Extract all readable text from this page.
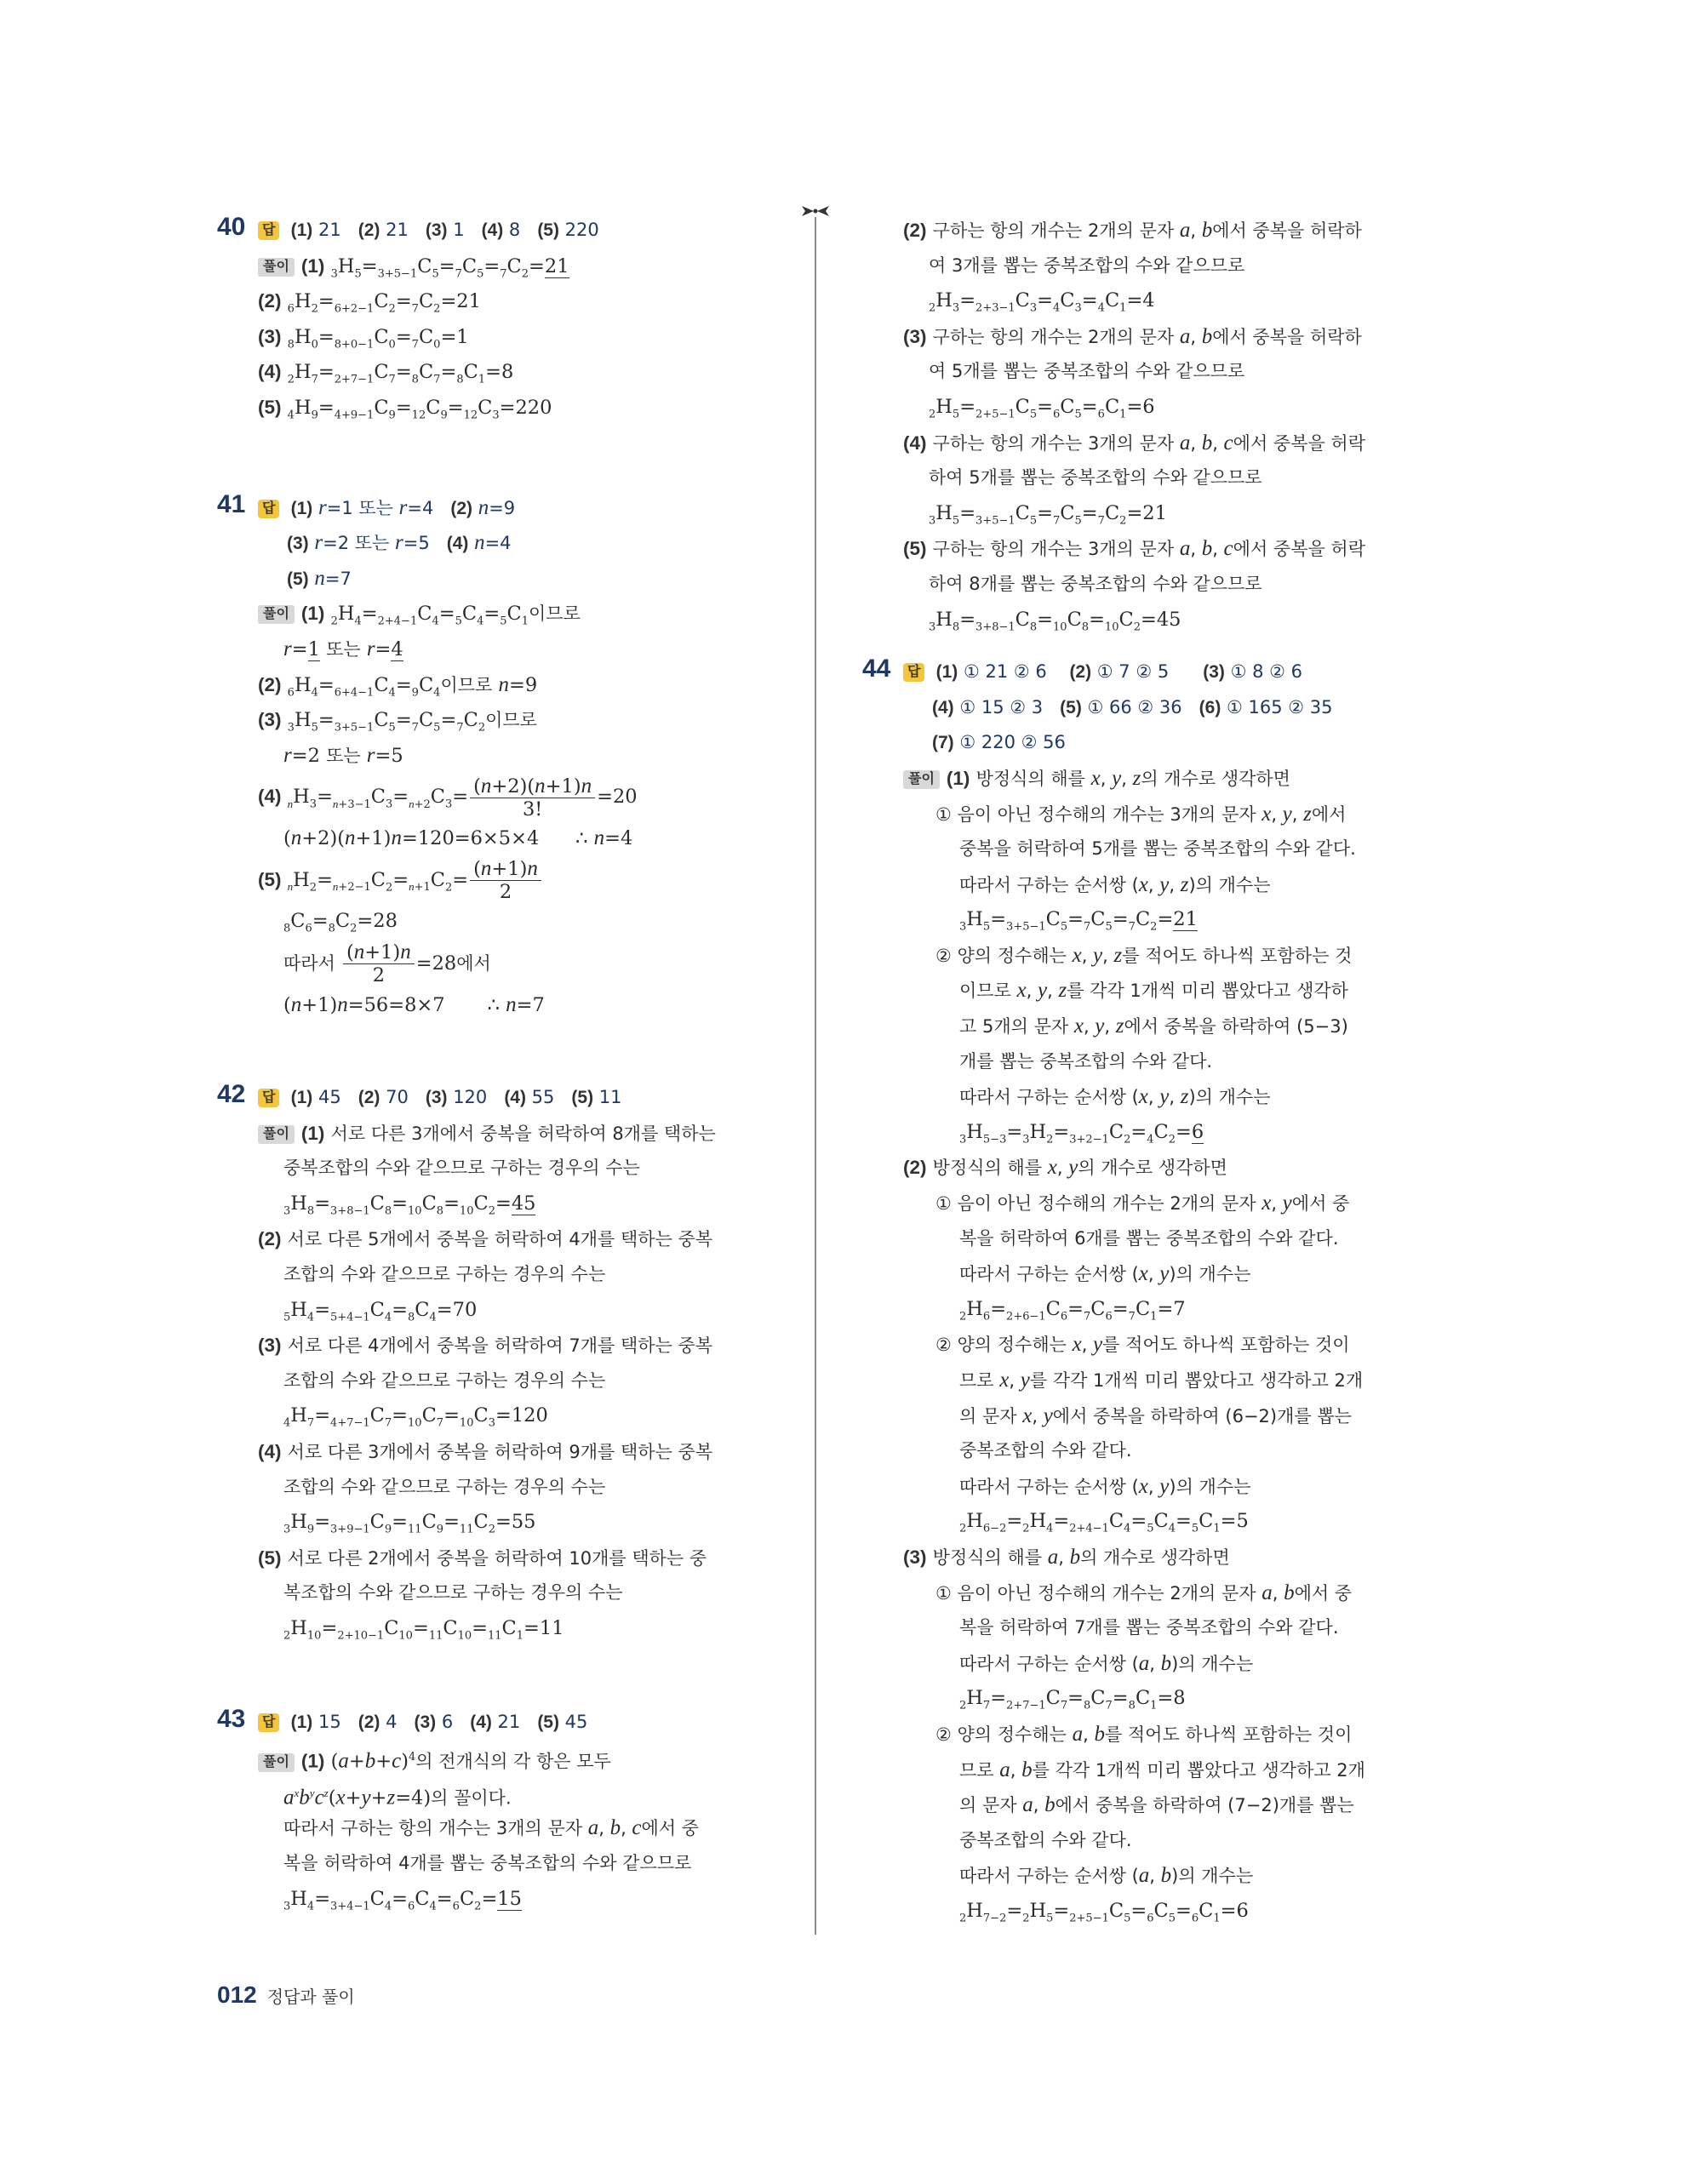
40	답 (1) 21   (2) 21   (3) 1   (4) 8   (5) 220
풀이 (1) $_3H_5=_{3+5-1}C_5=_7C_5=_7C_2=21$
(2) $_6H_2=_{6+2-1}C_2=_7C_2=21$
(3) $_8H_0=_{8+0-1}C_0=_7C_0=1$
(4) $_2H_7=_{2+7-1}C_7=_8C_7=_8C_1=8$
(5) $_4H_9=_{4+9-1}C_9=_{12}C_9=_{12}C_3=220$
41	답 (1) r=1 또는 r=4   (2) n=9
(3) r=2 또는 r=5   (4) n=4
(5) n=7
풀이 (1) $_2H_4=_{2+4-1}C_4=_5C_4=_5C_1$이므로
r=1 또는 r=4
(2) $_6H_4=_{6+4-1}C_4=_9C_4$이므로 n=9
(3) $_3H_5=_{3+5-1}C_5=_7C_5=_7C_2$이므로
r=2 또는 r=5
(4) $_nH_3=_{n+3-1}C_3=_{n+2}C_3= \frac{(n+2)(n+1)n}{3!} =20$
(n+2)(n+1)n=120=6×5×4      ∴ n=4
(5) $_nH_2=_{n+2-1}C_2=_{n+1}C_2= \frac{(n+1)n}{2}$
$_8C_6=_8C_2=28$
따라서 $\frac{(n+1)n}{2} =28$에서
(n+1)n=56=8×7       ∴ n=7
42	답 (1) 45   (2) 70   (3) 120   (4) 55   (5) 11
풀이 (1) 서로 다른 3개에서 중복을 허락하여 8개를 택하는
중복조합의 수와 같으므로 구하는 경우의 수는
$_3H_8=_{3+8-1}C_8=_{10}C_8=_{10}C_2=45$
(2) 서로 다른 5개에서 중복을 허락하여 4개를 택하는 중복
조합의 수와 같으므로 구하는 경우의 수는
$_5H_4=_{5+4-1}C_4=_8C_4=70$
(3) 서로 다른 4개에서 중복을 허락하여 7개를 택하는 중복
조합의 수와 같으므로 구하는 경우의 수는
$_4H_7=_{4+7-1}C_7=_{10}C_7=_{10}C_3=120$
(4) 서로 다른 3개에서 중복을 허락하여 9개를 택하는 중복
조합의 수와 같으므로 구하는 경우의 수는
$_3H_9=_{3+9-1}C_9=_{11}C_9=_{11}C_2=55$
(5) 서로 다른 2개에서 중복을 허락하여 10개를 택하는 중
복조합의 수와 같으므로 구하는 경우의 수는
$_2H_{10}=_{2+10-1}C_{10}=_{11}C_{10}=_{11}C_1=11$
43	답 (1) 15   (2) 4   (3) 6   (4) 21   (5) 45
풀이 (1) $(a+b+c)^4$의 전개식의 각 항은 모두
$a^xb^yc^z(x+y+z=4)$의 꼴이다.
따라서 구하는 항의 개수는 3개의 문자 a, b, c에서 중
복을 허락하여 4개를 뽑는 중복조합의 수와 같으므로
$_3H_4=_{3+4-1}C_4=_6C_4=_6C_2=15$
(2) 구하는 항의 개수는 2개의 문자 a, b에서 중복을 허락하
여 3개를 뽑는 중복조합의 수와 같으므로
$_2H_3=_{2+3-1}C_3=_4C_3=_4C_1=4$
(3) 구하는 항의 개수는 2개의 문자 a, b에서 중복을 허락하
여 5개를 뽑는 중복조합의 수와 같으므로
$_2H_5=_{2+5-1}C_5=_6C_5=_6C_1=6$
(4) 구하는 항의 개수는 3개의 문자 a, b, c에서 중복을 허락
하여 5개를 뽑는 중복조합의 수와 같으므로
$_3H_5=_{3+5-1}C_5=_7C_5=_7C_2=21$
(5) 구하는 항의 개수는 3개의 문자 a, b, c에서 중복을 허락
하여 8개를 뽑는 중복조합의 수와 같으므로
$_3H_8=_{3+8-1}C_8=_{10}C_8=_{10}C_2=45$
44	답 (1) ① 21 ② 6    (2) ① 7 ② 5      (3) ① 8 ② 6
(4) ① 15 ② 3   (5) ① 66 ② 36   (6) ① 165 ② 35
(7) ① 220 ② 56
풀이 (1) 방정식의 해를 x, y, z의 개수로 생각하면
① 음이 아닌 정수해의 개수는 3개의 문자 x, y, z에서
중복을 허락하여 5개를 뽑는 중복조합의 수와 같다.
따라서 구하는 순서쌍 (x, y, z)의 개수는
$_3H_5=_{3+5-1}C_5=_7C_5=_7C_2=21$
② 양의 정수해는 x, y, z를 적어도 하나씩 포함하는 것
이므로 x, y, z를 각각 1개씩 미리 뽑았다고 생각하
고 5개의 문자 x, y, z에서 중복을 하락하여 (5−3)
개를 뽑는 중복조합의 수와 같다.
따라서 구하는 순서쌍 (x, y, z)의 개수는
$_3H_{5-3}=_3H_2=_{3+2-1}C_2=_4C_2=6$
(2) 방정식의 해를 x, y의 개수로 생각하면
① 음이 아닌 정수해의 개수는 2개의 문자 x, y에서 중
복을 허락하여 6개를 뽑는 중복조합의 수와 같다.
따라서 구하는 순서쌍 (x, y)의 개수는
$_2H_6=_{2+6-1}C_6=_7C_6=_7C_1=7$
② 양의 정수해는 x, y를 적어도 하나씩 포함하는 것이
므로 x, y를 각각 1개씩 미리 뽑았다고 생각하고 2개
의 문자 x, y에서 중복을 하락하여 (6−2)개를 뽑는
중복조합의 수와 같다.
따라서 구하는 순서쌍 (x, y)의 개수는
$_2H_{6-2}=_2H_4=_{2+4-1}C_4=_5C_4=_5C_1=5$
(3) 방정식의 해를 a, b의 개수로 생각하면
① 음이 아닌 정수해의 개수는 2개의 문자 a, b에서 중
복을 허락하여 7개를 뽑는 중복조합의 수와 같다.
따라서 구하는 순서쌍 (a, b)의 개수는
$_2H_7=_{2+7-1}C_7=_8C_7=_8C_1=8$
② 양의 정수해는 a, b를 적어도 하나씩 포함하는 것이
므로 a, b를 각각 1개씩 미리 뽑았다고 생각하고 2개
의 문자 a, b에서 중복을 하락하여 (7−2)개를 뽑는
중복조합의 수와 같다.
따라서 구하는 순서쌍 (a, b)의 개수는
$_2H_{7-2}=_2H_5=_{2+5-1}C_5=_6C_5=_6C_1=6$
012 정답과 풀이
